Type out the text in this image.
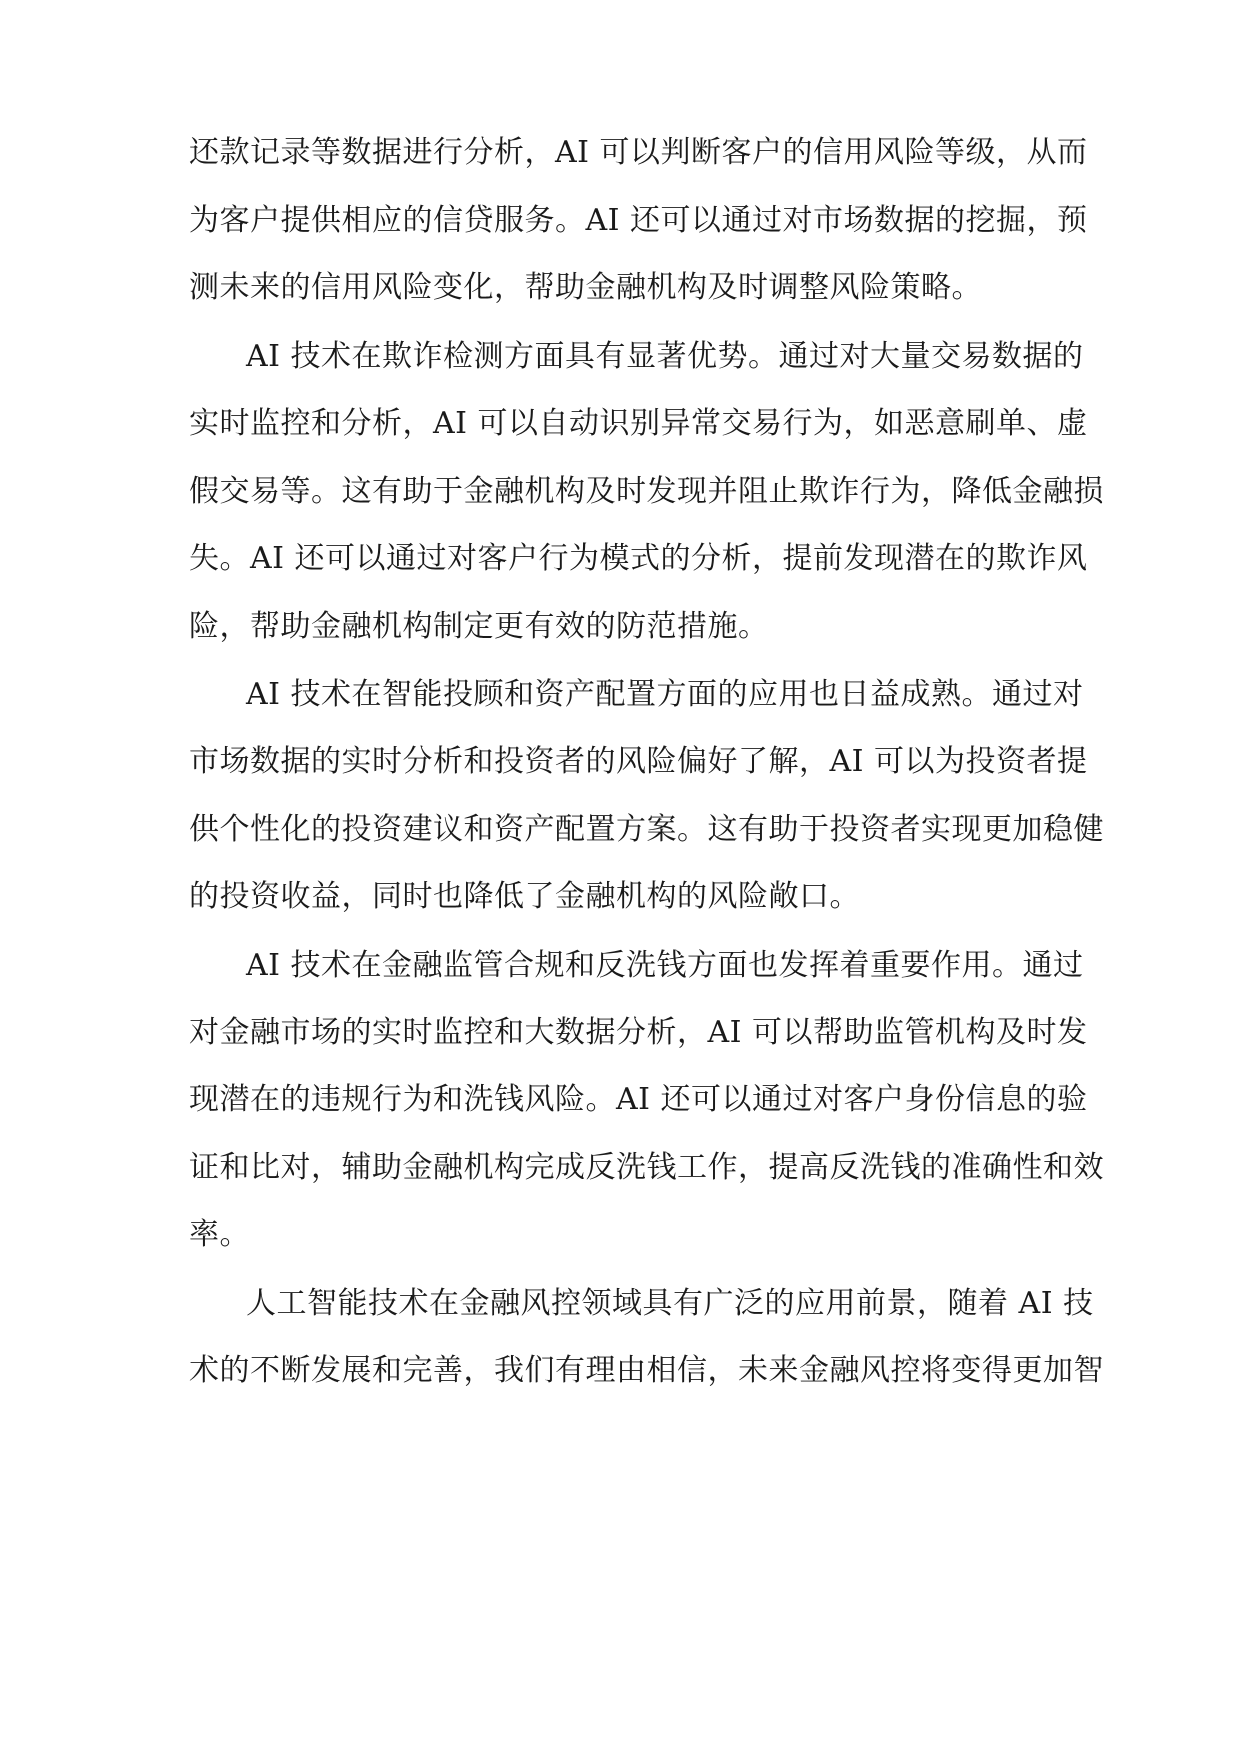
还款记录等数据进行分析，AI 可以判断客户的信用风险等级，从而
为客户提供相应的信贷服务。AI 还可以通过对市场数据的挖掘，预
测未来的信用风险变化，帮助金融机构及时调整风险策略。
AI 技术在欺诈检测方面具有显著优势。通过对大量交易数据的
实时监控和分析，AI 可以自动识别异常交易行为，如恶意刷单、虚
假交易等。这有助于金融机构及时发现并阻止欺诈行为，降低金融损
失。AI 还可以通过对客户行为模式的分析，提前发现潜在的欺诈风
险，帮助金融机构制定更有效的防范措施。
AI 技术在智能投顾和资产配置方面的应用也日益成熟。通过对
市场数据的实时分析和投资者的风险偏好了解，AI 可以为投资者提
供个性化的投资建议和资产配置方案。这有助于投资者实现更加稳健
的投资收益，同时也降低了金融机构的风险敞口。
AI 技术在金融监管合规和反洗钱方面也发挥着重要作用。通过
对金融市场的实时监控和大数据分析，AI 可以帮助监管机构及时发
现潜在的违规行为和洗钱风险。AI 还可以通过对客户身份信息的验
证和比对，辅助金融机构完成反洗钱工作，提高反洗钱的准确性和效
率。
人工智能技术在金融风控领域具有广泛的应用前景，随着 AI 技
术的不断发展和完善，我们有理由相信，未来金融风控将变得更加智
